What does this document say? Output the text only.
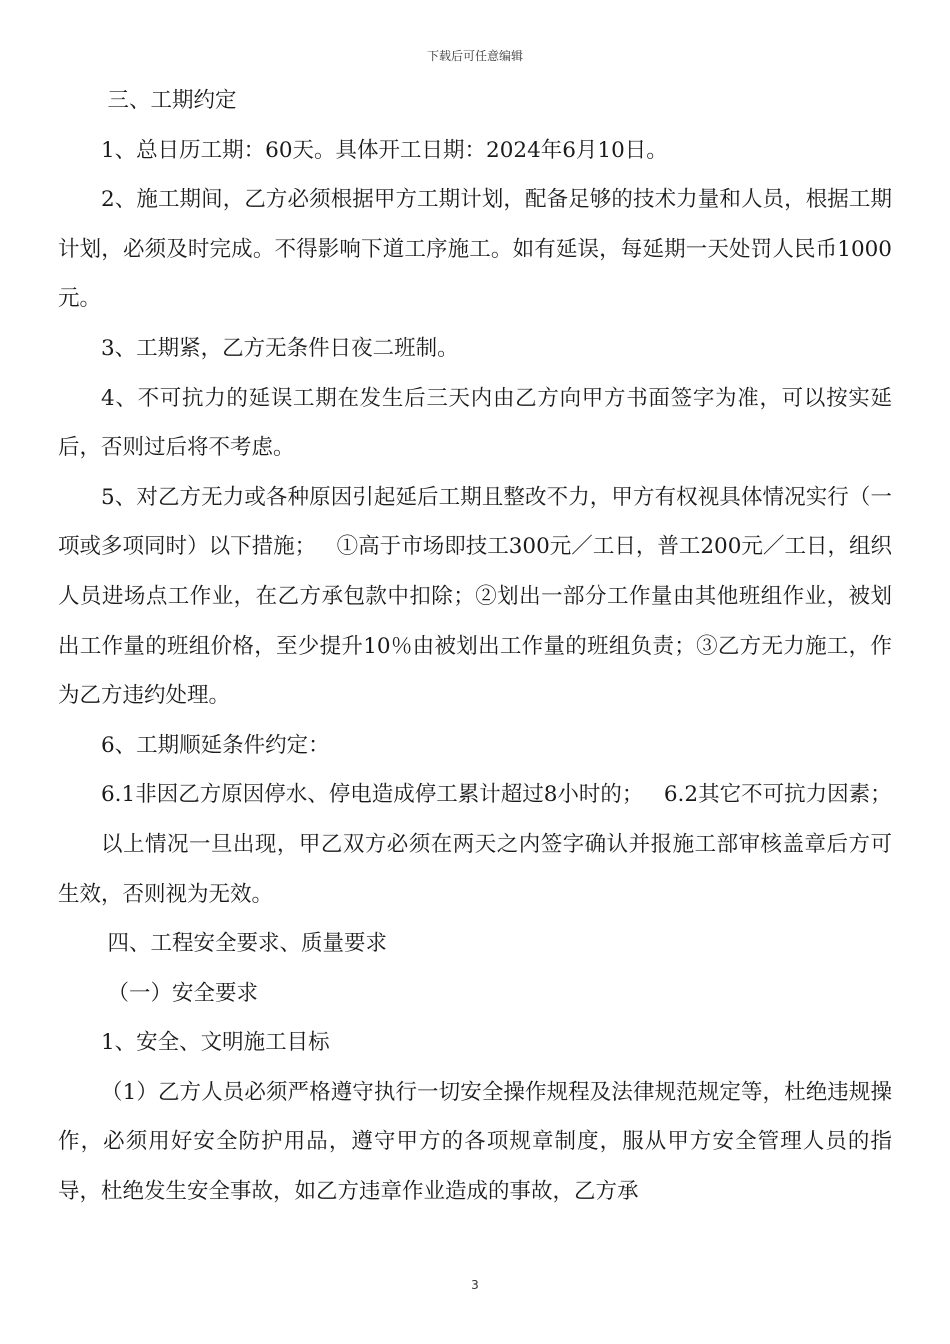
下载后可任意编辑

三、工期约定

1、总日历工期：60天。具体开工日期：2024年6月10日。

2、施工期间，乙方必须根据甲方工期计划，配备足够的技术力量和人员，根据工期计划，必须及时完成。不得影响下道工序施工。如有延误，每延期一天处罚人民币1000元。

3、工期紧，乙方无条件日夜二班制。

4、不可抗力的延误工期在发生后三天内由乙方向甲方书面签字为准，可以按实延后，否则过后将不考虑。

5、对乙方无力或各种原因引起延后工期且整改不力，甲方有权视具体情况实行（一项或多项同时）以下措施；   ①高于市场即技工300元／工日，普工200元／工日，组织人员进场点工作业，在乙方承包款中扣除；②划出一部分工作量由其他班组作业，被划出工作量的班组价格，至少提升10％由被划出工作量的班组负责；③乙方无力施工，作为乙方违约处理。

6、工期顺延条件约定：

6.1非因乙方原因停水、停电造成停工累计超过8小时的；   6.2其它不可抗力因素；

以上情况一旦出现，甲乙双方必须在两天之内签字确认并报施工部审核盖章后方可生效，否则视为无效。

四、工程安全要求、质量要求

（一）安全要求

1、安全、文明施工目标

（1）乙方人员必须严格遵守执行一切安全操作规程及法律规范规定等，杜绝违规操作，必须用好安全防护用品，遵守甲方的各项规章制度，服从甲方安全管理人员的指导，杜绝发生安全事故，如乙方违章作业造成的事故，乙方承

3
